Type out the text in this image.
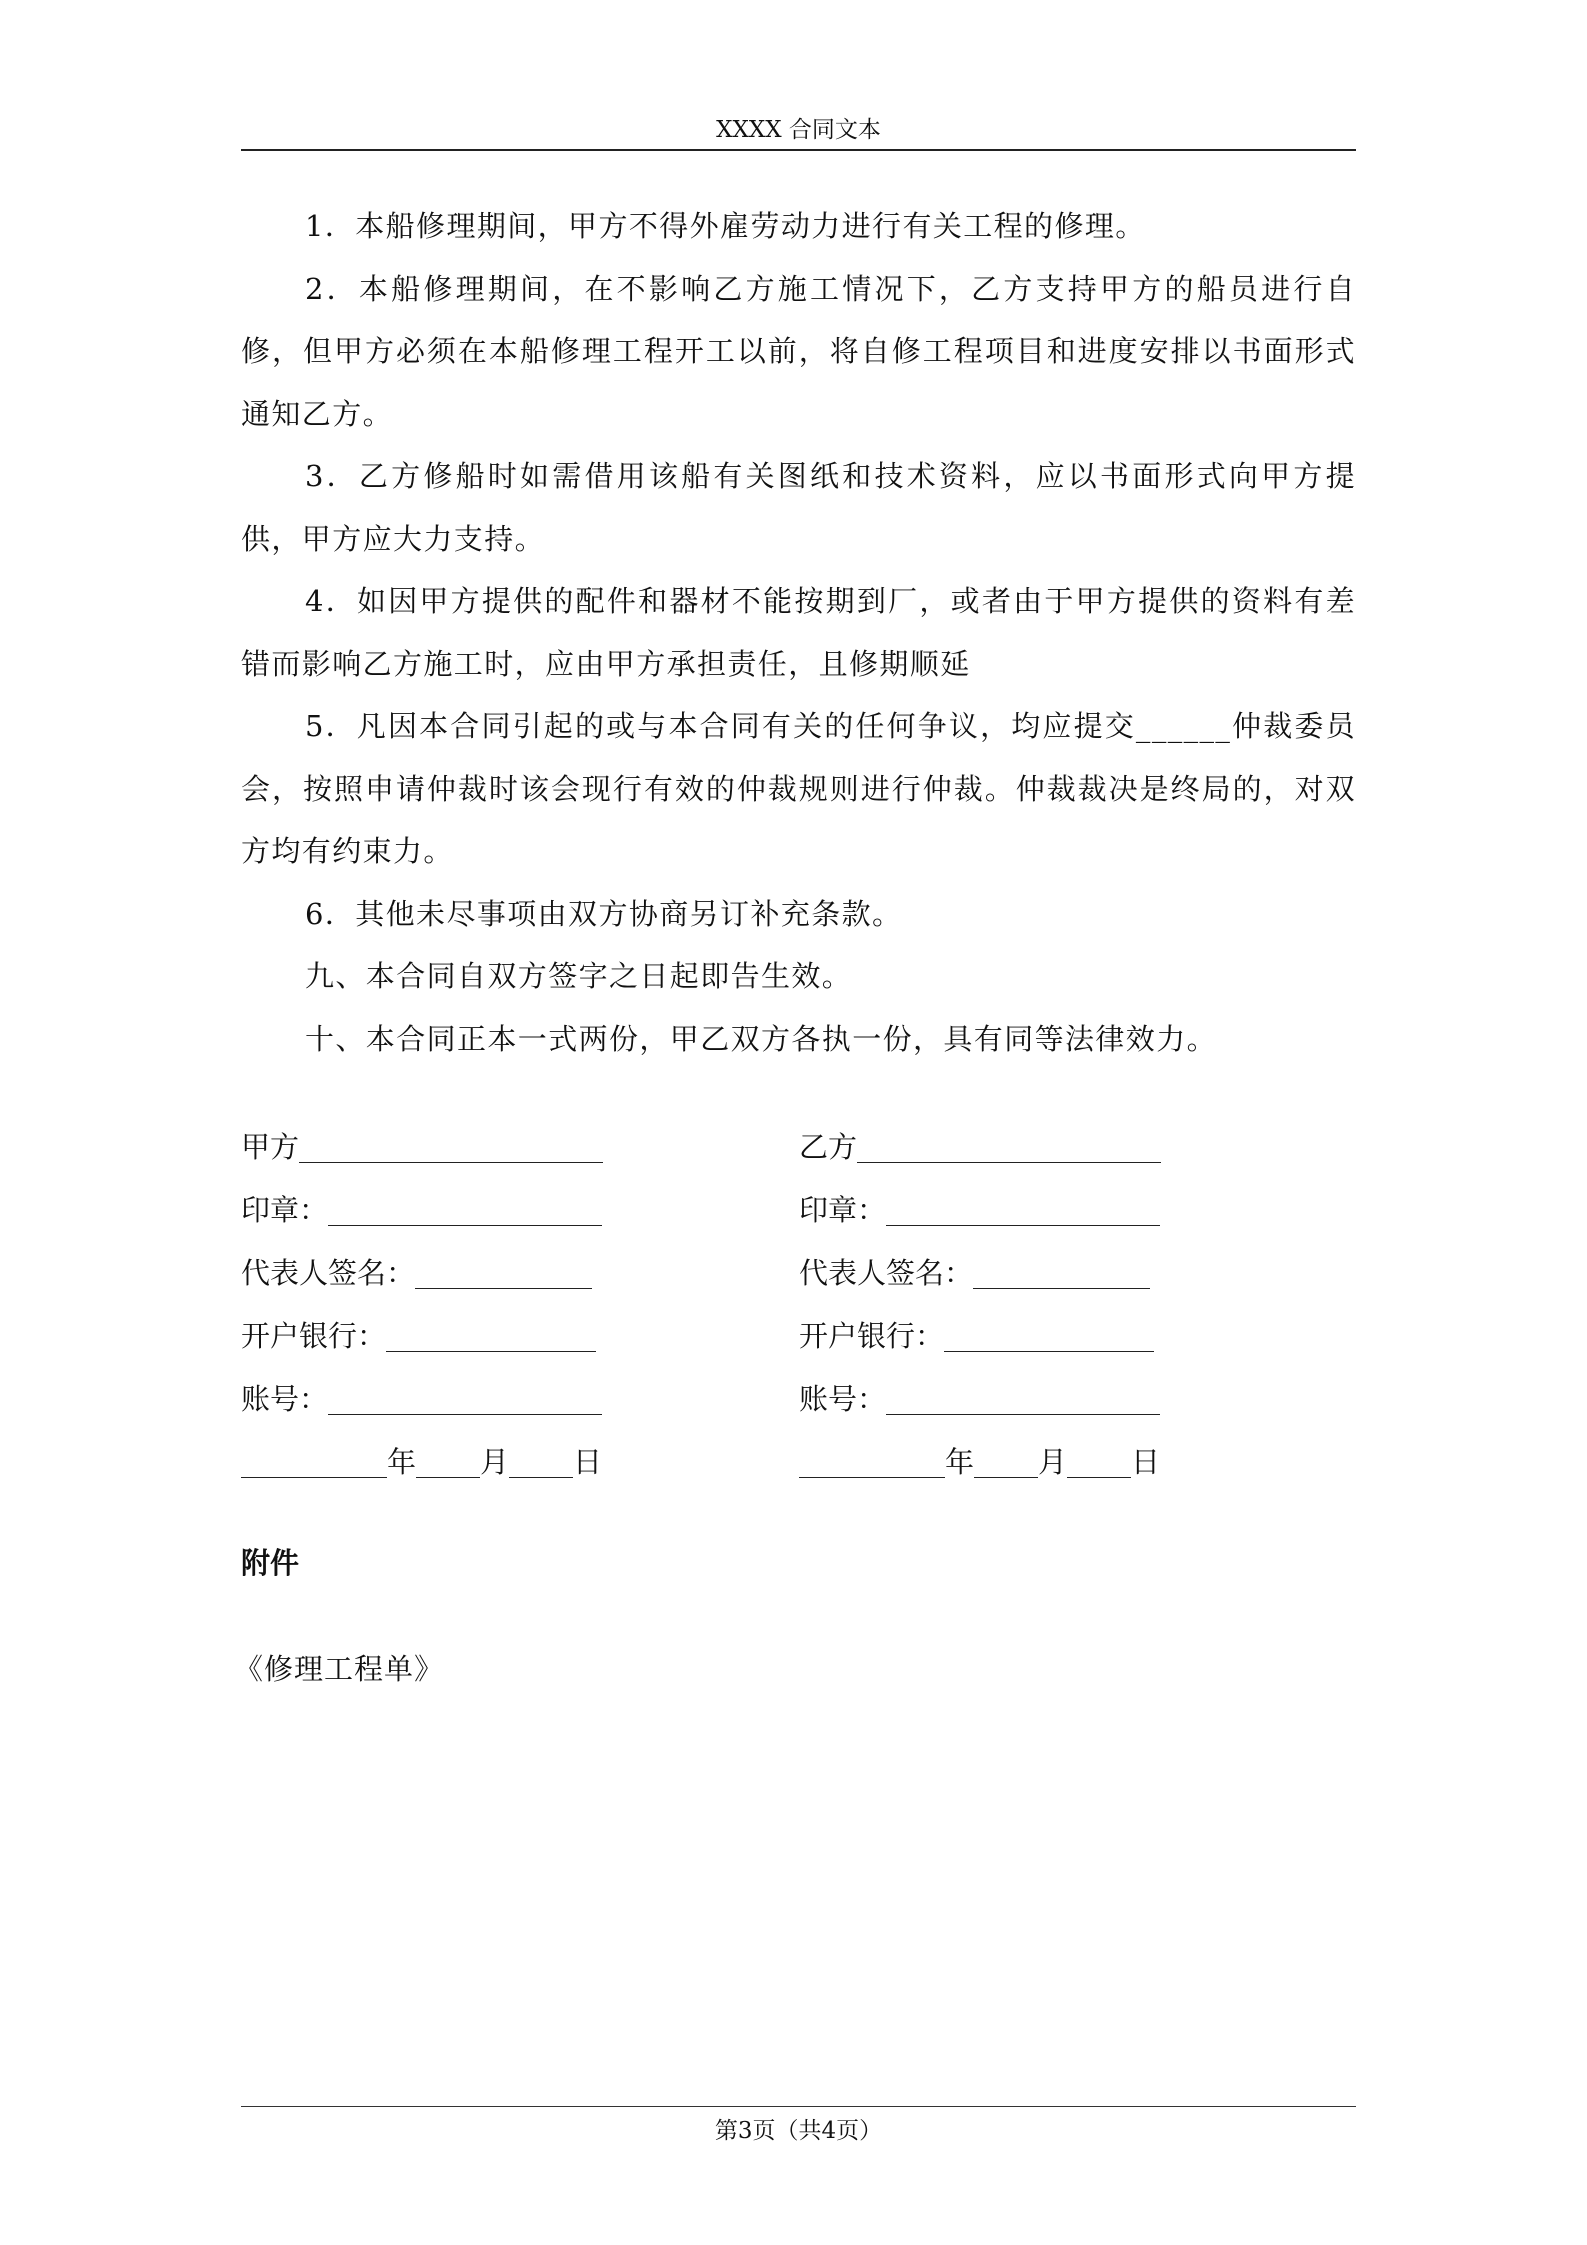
XXXX 合同文本

1．本船修理期间，甲方不得外雇劳动力进行有关工程的修理。

2．本船修理期间，在不影响乙方施工情况下，乙方支持甲方的船员进行自修，但甲方必须在本船修理工程开工以前，将自修工程项目和进度安排以书面形式通知乙方。

3．乙方修船时如需借用该船有关图纸和技术资料，应以书面形式向甲方提供，甲方应大力支持。

4．如因甲方提供的配件和器材不能按期到厂，或者由于甲方提供的资料有差错而影响乙方施工时，应由甲方承担责任，且修期顺延

5．凡因本合同引起的或与本合同有关的任何争议，均应提交______仲裁委员会，按照申请仲裁时该会现行有效的仲裁规则进行仲裁。仲裁裁决是终局的，对双方均有约束力。

6．其他未尽事项由双方协商另订补充条款。

九、本合同自双方签字之日起即告生效。

十、本合同正本一式两份，甲乙双方各执一份，具有同等法律效力。

甲方	乙方
印章：	印章：
代表人签名：	代表人签名：
开户银行：	开户银行：
账号：	账号：
年 月 日	年 月 日
附件
《修理工程单》
第3页（共4页）
